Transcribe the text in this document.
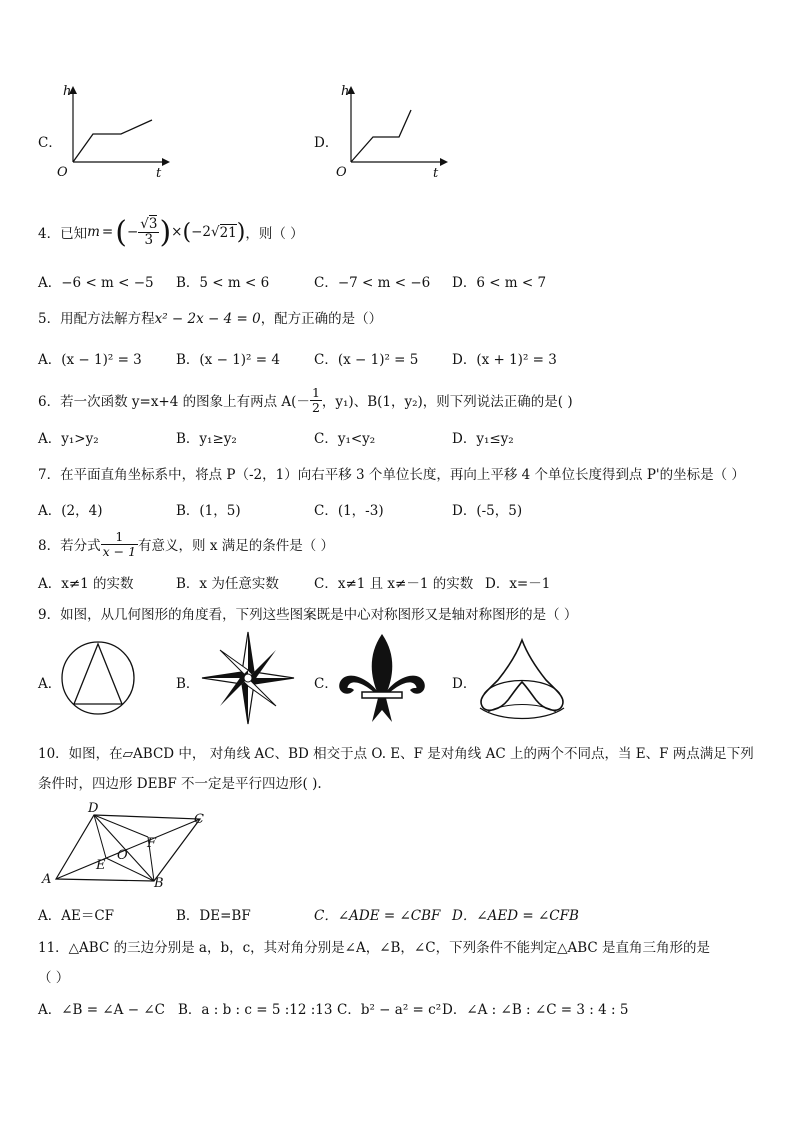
C．
h
O	t
D．
h
O	t
4．已知 m = ( − $\frac{√3}{3}$ ) × ( −2 √ 21 ) ，则（ ）
A．−6 < m < −5 B．5 < m < 6	C．−7 < m < −6 D．6 < m < 7
5．用配方法解方程x² − 2x − 4 = 0，配方正确的是（）
A．(x − 1)² = 3	B．(x − 1)² = 4	C．(x − 1)² = 5 D．(x + 1)² = 3
6．若一次函数 y=x+4 的图象上有两点 $A(- \frac{1}{2}$ ，y₁)、B(1，y₂)，则下列说法正确的是( )
A．y₁>y₂	B．y₁≥y₂	C．y₁<y₂	D．y₁≤y₂
7．在平面直角坐标系中，将点 P（-2，1）向右平移 3 个单位长度，再向上平移 4 个单位长度得到点 P'的坐标是（ ）
A．(2，4)	B．(1，5)	C．(1，-3)	D．(-5，5)
8．若分式 $\frac{1}{x - 1}$ 有意义，则 x 满足的条件是（ ）
A．x≠1 的实数	B．x 为任意实数	C．x≠1 且 x≠－1 的实数 D．x=－1
9．如图，从几何图形的角度看，下列这些图案既是中心对称图形又是轴对称图形的是（ ）
A．	B．	C．	D．
10．如图，在▱ABCD 中， 对角线 AC、BD 相交于点 O. E、F 是对角线 AC 上的两个不同点，当 E、F 两点满足下列
条件时，四边形 DEBF 不一定是平行四边形( ).
D
C
A	B
O
E
F
A．AE＝CF	B．DE=BF	C．∠ADE = ∠CBF D．∠AED = ∠CFB
11．△ABC 的三边分别是 a，b，c，其对角分别是∠A，∠B，∠C，下列条件不能判定△ABC 是直角三角形的是
（ ）
A．∠B = ∠A − ∠C B．a : b : c = 5 :12 :13 C．b² − a² = c² D．∠A : ∠B : ∠C = 3 : 4 : 5
